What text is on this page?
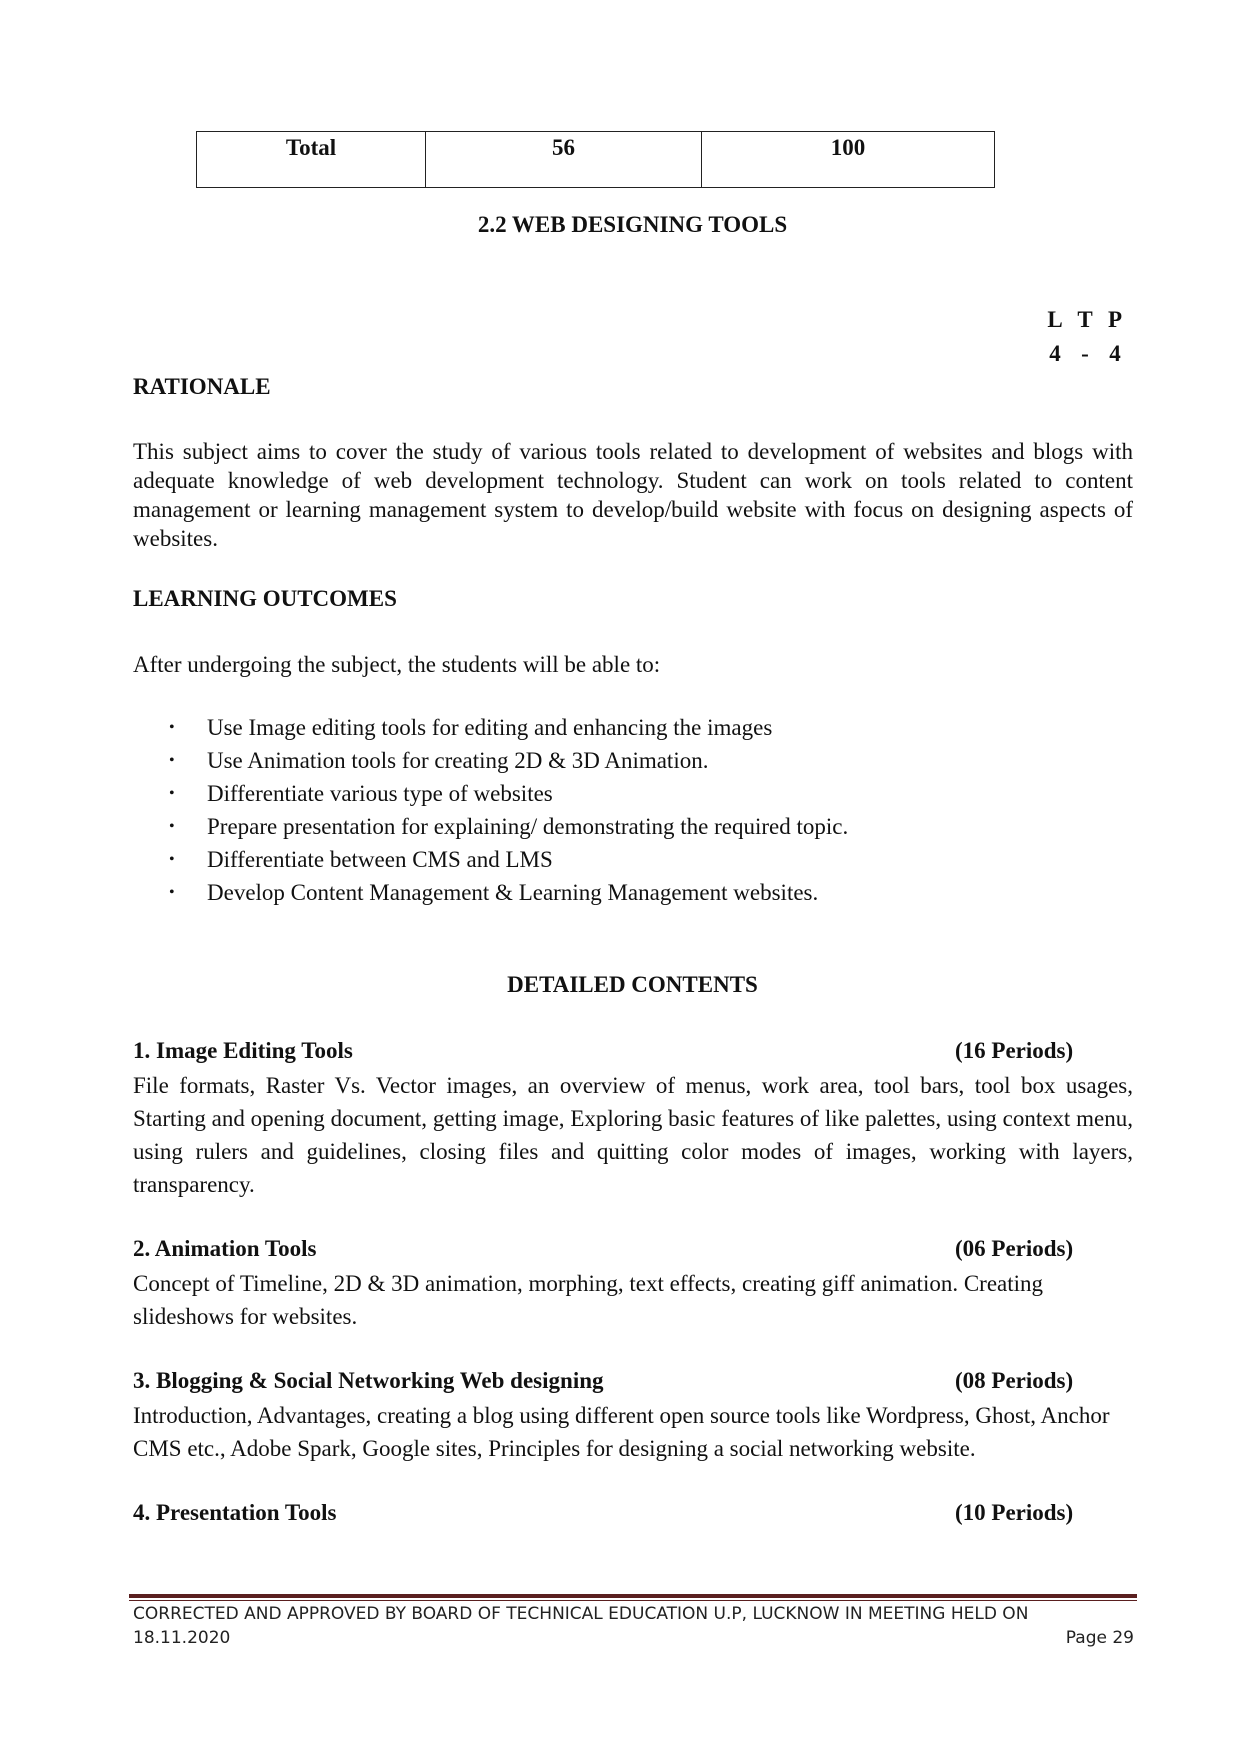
Total	56	100
2.2 WEB DESIGNING TOOLS
L T P
4 - 4
RATIONALE

This subject aims to cover the study of various tools related to development of websites and blogs with adequate knowledge of web development technology. Student can work on tools related to content management or learning management system to develop/build website with focus on designing aspects of websites.

LEARNING OUTCOMES
After undergoing the subject, the students will be able to:
• Use Image editing tools for editing and enhancing the images
• Use Animation tools for creating 2D & 3D Animation.
• Differentiate various type of websites
• Prepare presentation for explaining/ demonstrating the required topic.
• Differentiate between CMS and LMS
• Develop Content Management & Learning Management websites.
DETAILED CONTENTS
1. Image Editing Tools	(16 Periods)

File formats, Raster Vs. Vector images, an overview of menus, work area, tool bars, tool box usages, Starting and opening document, getting image, Exploring basic features of like palettes, using context menu, using rulers and guidelines, closing files and quitting color modes of images, working with layers, transparency.

2. Animation Tools	(06 Periods)

Concept of Timeline, 2D & 3D animation, morphing, text effects, creating giff animation. Creating slideshows for websites.

3. Blogging & Social Networking Web designing	(08 Periods)

Introduction, Advantages, creating a blog using different open source tools like Wordpress, Ghost, Anchor CMS etc., Adobe Spark, Google sites, Principles for designing a social networking website.

4. Presentation Tools	(10 Periods)
CORRECTED AND APPROVED BY BOARD OF TECHNICAL EDUCATION U.P, LUCKNOW IN MEETING HELD ON
18.11.2020	Page 29
